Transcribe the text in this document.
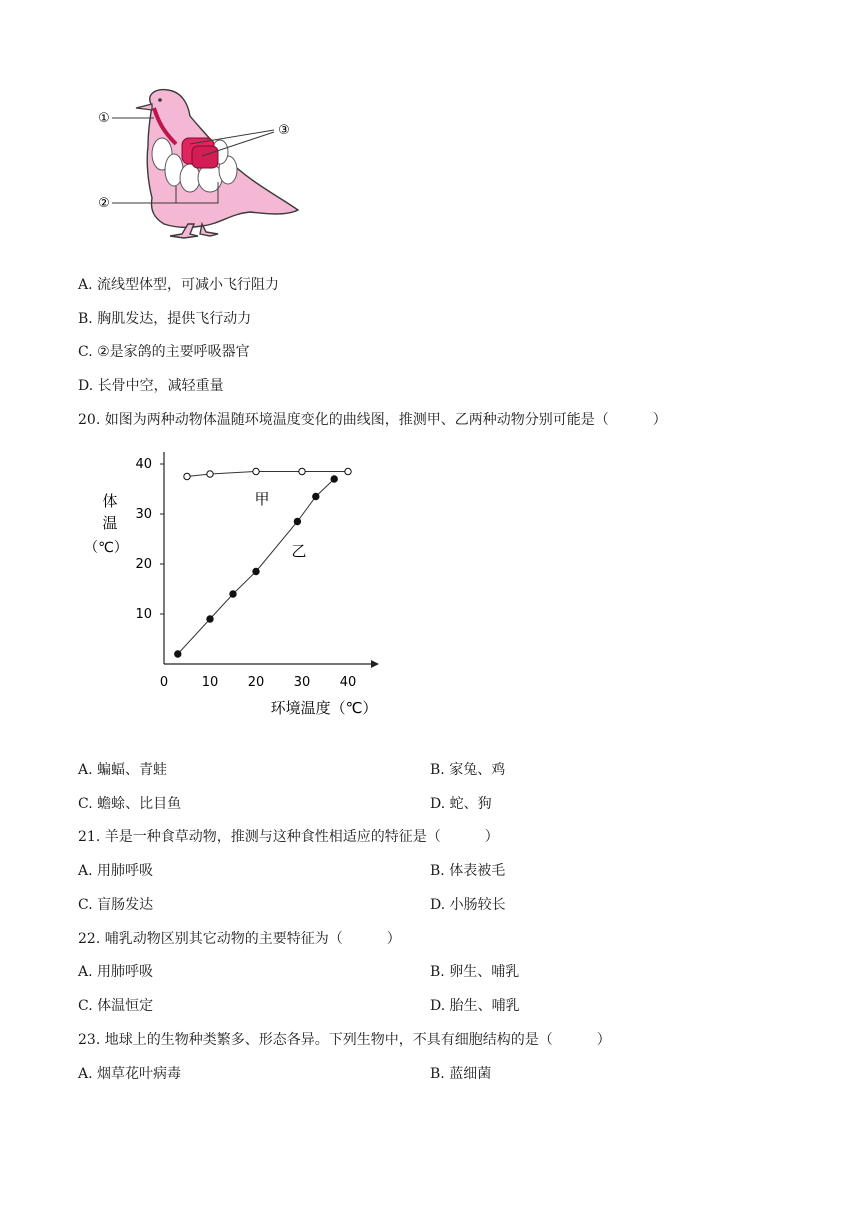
①
②
③
A. 流线型体型，可减小飞行阻力
B. 胸肌发达，提供飞行动力
C. ②是家鸽的主要呼吸器官
D. 长骨中空，减轻重量
20. 如图为两种动物体温随环境温度变化的曲线图，推测甲、乙两种动物分别可能是（	）
0	10 20 30 40
10
20
30
40
体
温
（℃）
环境温度（℃）
甲
乙
A. 蝙蝠、青蛙	B. 家兔、鸡
C. 蟾蜍、比目鱼	D. 蛇、狗
21. 羊是一种食草动物，推测与这种食性相适应的特征是（	）
A. 用肺呼吸	B. 体表被毛
C. 盲肠发达	D. 小肠较长
22. 哺乳动物区别其它动物的主要特征为（	）
A. 用肺呼吸	B. 卵生、哺乳
C. 体温恒定	D. 胎生、哺乳
23. 地球上的生物种类繁多、形态各异。下列生物中，不具有细胞结构的是（	）
A. 烟草花叶病毒	B. 蓝细菌
